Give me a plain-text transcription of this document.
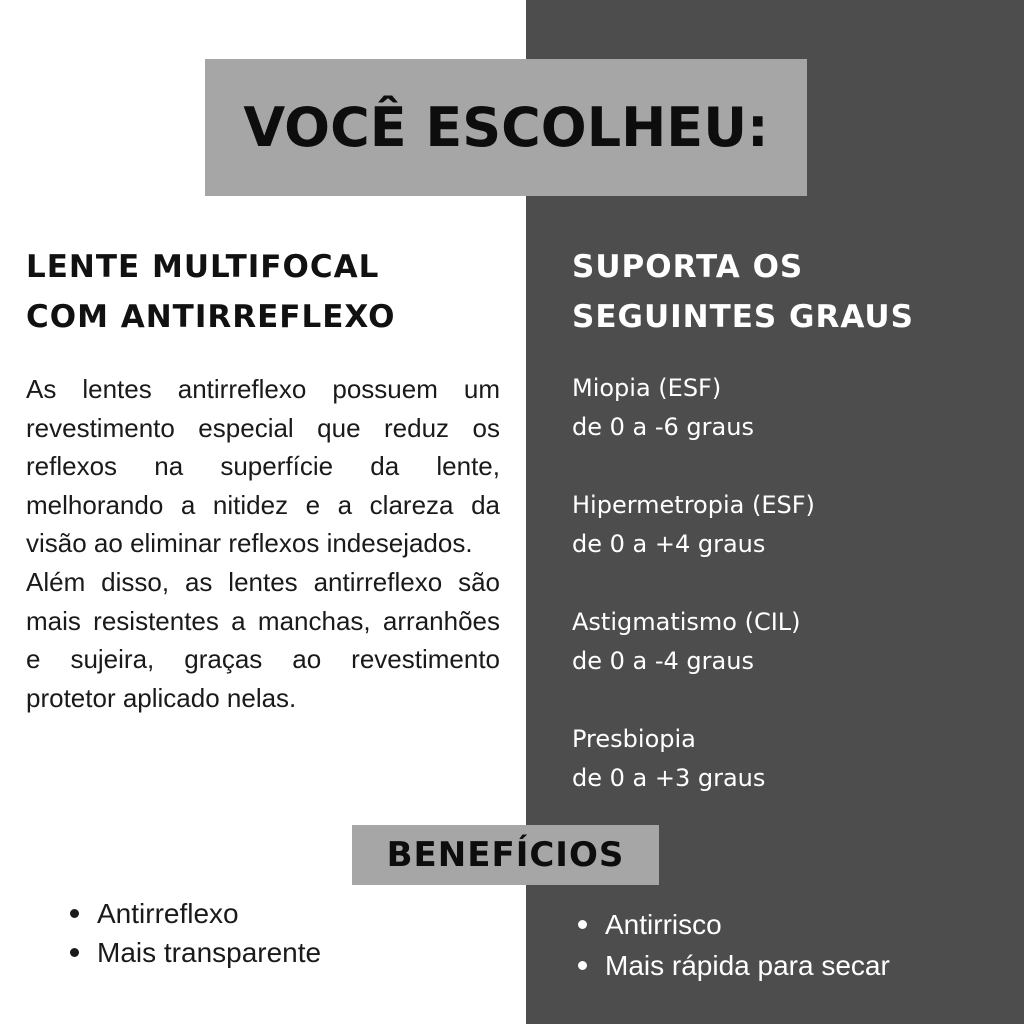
VOCÊ ESCOLHEU:
LENTE MULTIFOCAL
COM ANTIRREFLEXO

As lentes antirreflexo possuem um revestimento especial que reduz os reflexos na superfície da lente, melhorando a nitidez e a clareza da visão ao eliminar reflexos indesejados.

Além disso, as lentes antirreflexo são mais resistentes a manchas, arranhões e sujeira, graças ao revestimento protetor aplicado nelas.

SUPORTA OS
SEGUINTES GRAUS
Miopia (ESF)
de 0 a -6 graus
Hipermetropia (ESF)
de 0 a +4 graus
Astigmatismo (CIL)
de 0 a -4 graus
Presbiopia
de 0 a +3 graus
BENEFÍCIOS
Antirreflexo
Mais transparente
Antirrisco
Mais rápida para secar
